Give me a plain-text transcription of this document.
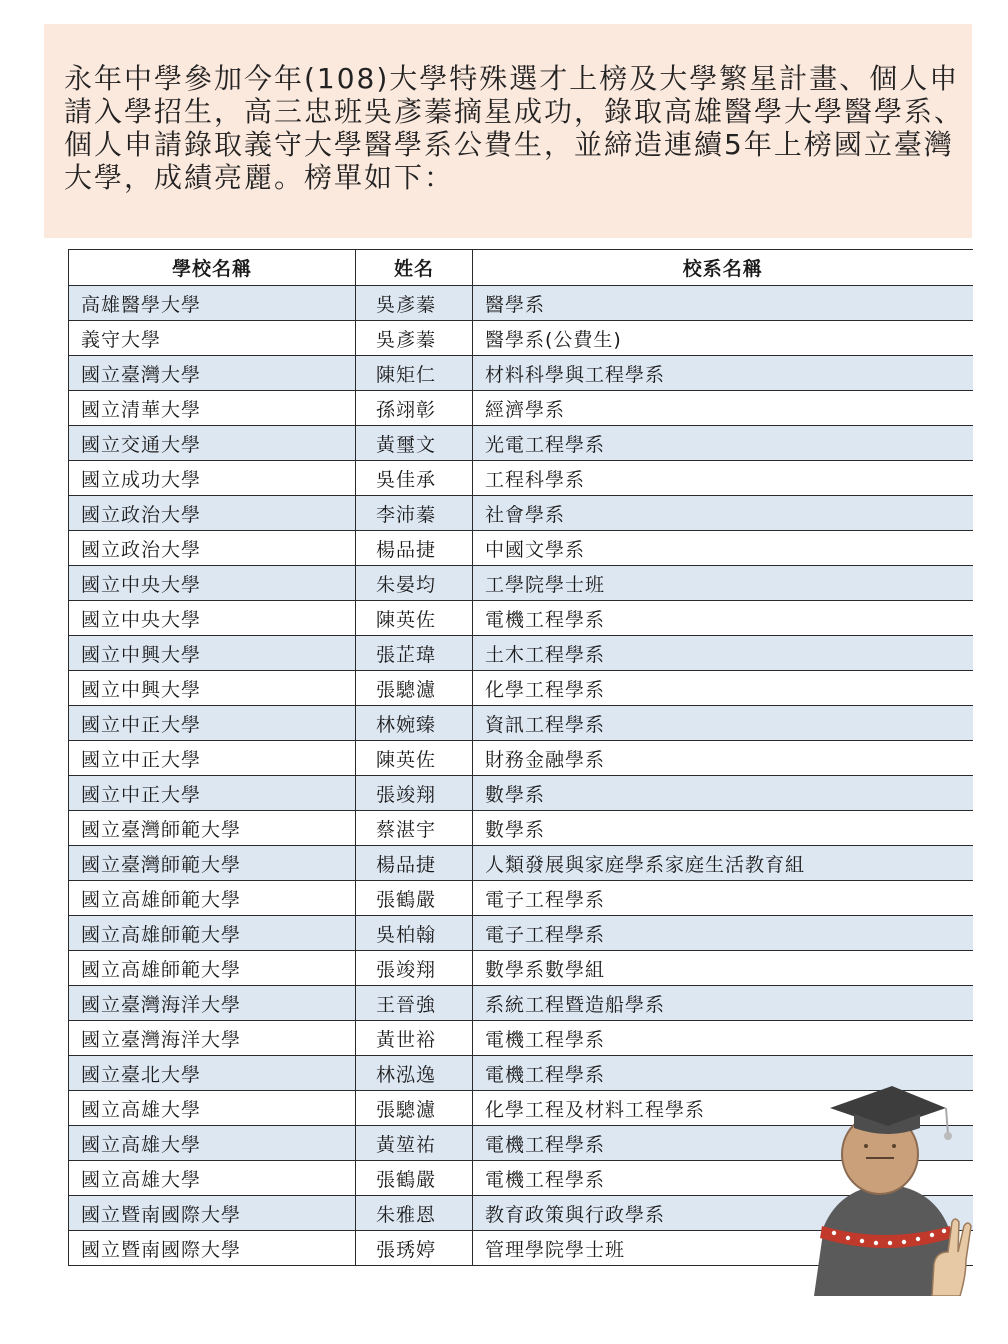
永年中學參加今年(108)大學特殊選才上榜及大學繁星計畫、個人申請入學招生，高三忠班吳彥蓁摘星成功，錄取高雄醫學大學醫學系、個人申請錄取義守大學醫學系公費生，並締造連續5年上榜國立臺灣大學，成績亮麗。榜單如下：

學校名稱	姓名	校系名稱
高雄醫學大學	吳彥蓁	醫學系
義守大學	吳彥蓁	醫學系(公費生)
國立臺灣大學	陳矩仁	材料科學與工程學系
國立清華大學	孫翊彰	經濟學系
國立交通大學	黃璽文	光電工程學系
國立成功大學	吳佳承	工程科學系
國立政治大學	李沛蓁	社會學系
國立政治大學	楊品捷	中國文學系
國立中央大學	朱晏均	工學院學士班
國立中央大學	陳英佐	電機工程學系
國立中興大學	張芷瑋	土木工程學系
國立中興大學	張驄濾	化學工程學系
國立中正大學	林婉臻	資訊工程學系
國立中正大學	陳英佐	財務金融學系
國立中正大學	張竣翔	數學系
國立臺灣師範大學	蔡湛宇	數學系
國立臺灣師範大學	楊品捷	人類發展與家庭學系家庭生活教育組
國立高雄師範大學	張鶴嚴	電子工程學系
國立高雄師範大學	吳柏翰	電子工程學系
國立高雄師範大學	張竣翔	數學系數學組
國立臺灣海洋大學	王晉強	系統工程暨造船學系
國立臺灣海洋大學	黃世裕	電機工程學系
國立臺北大學	林泓逸	電機工程學系
國立高雄大學	張驄濾	化學工程及材料工程學系
國立高雄大學	黃堃祐	電機工程學系
國立高雄大學	張鶴嚴	電機工程學系
國立暨南國際大學	朱雅恩	教育政策與行政學系
國立暨南國際大學	張琇婷	管理學院學士班
